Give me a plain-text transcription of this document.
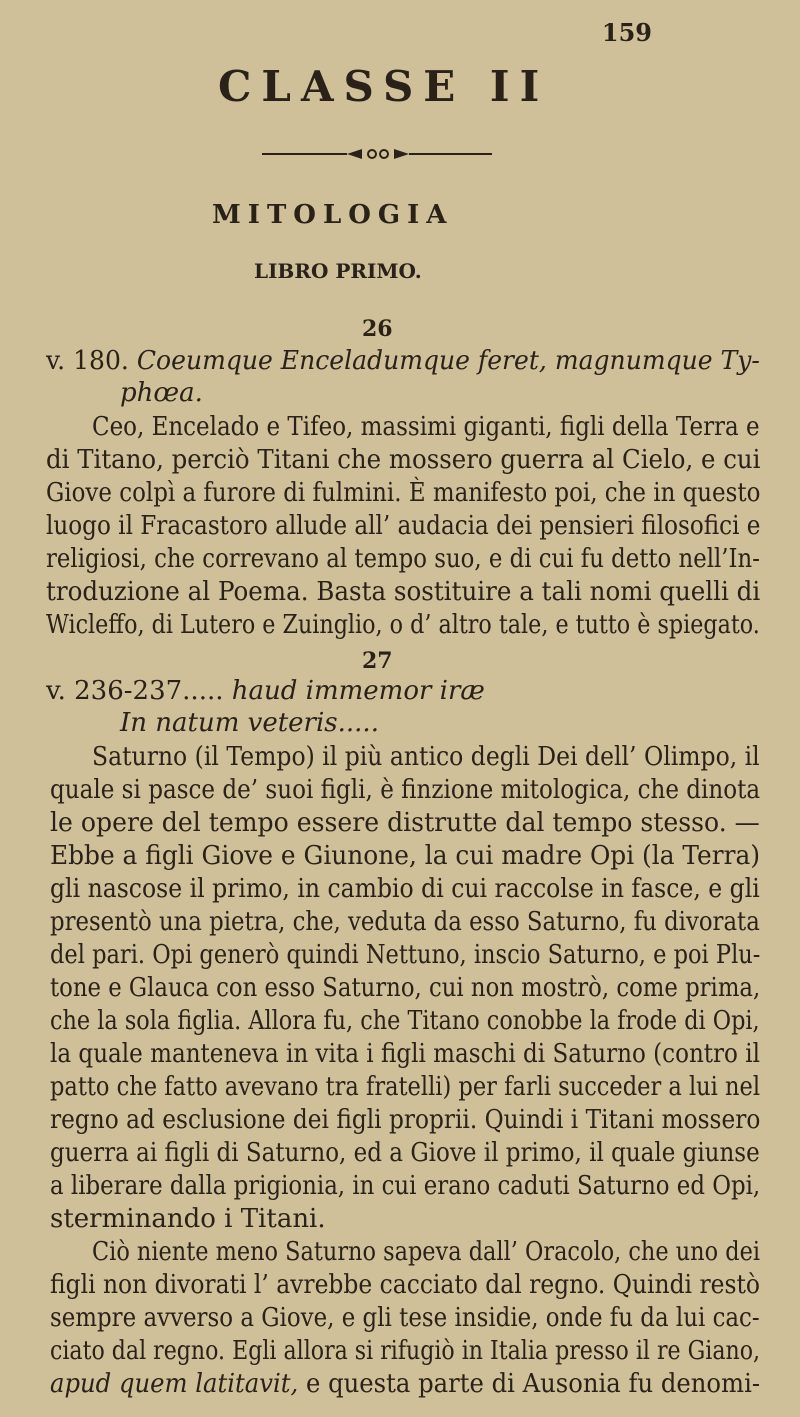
159
CLASSE II
MITOLOGIA
LIBRO PRIMO.
26
v. 180. Coeumque Enceladumque feret, magnumque Ty-
phœa.
Ceo, Encelado e Tifeo, massimi giganti, figli della Terra e
di Titano, perciò Titani che mossero guerra al Cielo, e cui
Giove colpì a furore di fulmini. È manifesto poi, che in questo
luogo il Fracastoro allude all’ audacia dei pensieri filosofici e
religiosi, che correvano al tempo suo, e di cui fu detto nell’In-
troduzione al Poema. Basta sostituire a tali nomi quelli di
Wicleffo, di Lutero e Zuinglio, o d’ altro tale, e tutto è spiegato.
27
v. 236-237..... haud immemor iræ
In natum veteris.....
Saturno (il Tempo) il più antico degli Dei dell’ Olimpo, il
quale si pasce de’ suoi figli, è finzione mitologica, che dinota
le opere del tempo essere distrutte dal tempo stesso. —
Ebbe a figli Giove e Giunone, la cui madre Opi (la Terra)
gli nascose il primo, in cambio di cui raccolse in fasce, e gli
presentò una pietra, che, veduta da esso Saturno, fu divorata
del pari. Opi generò quindi Nettuno, inscio Saturno, e poi Plu-
tone e Glauca con esso Saturno, cui non mostrò, come prima,
che la sola figlia. Allora fu, che Titano conobbe la frode di Opi,
la quale manteneva in vita i figli maschi di Saturno (contro il
patto che fatto avevano tra fratelli) per farli succeder a lui nel
regno ad esclusione dei figli proprii. Quindi i Titani mossero
guerra ai figli di Saturno, ed a Giove il primo, il quale giunse
a liberare dalla prigionia, in cui erano caduti Saturno ed Opi,
sterminando i Titani.
Ciò niente meno Saturno sapeva dall’ Oracolo, che uno dei
figli non divorati l’ avrebbe cacciato dal regno. Quindi restò
sempre avverso a Giove, e gli tese insidie, onde fu da lui cac-
ciato dal regno. Egli allora si rifugiò in Italia presso il re Giano,
apud quem latitavit, e questa parte di Ausonia fu denomi-
